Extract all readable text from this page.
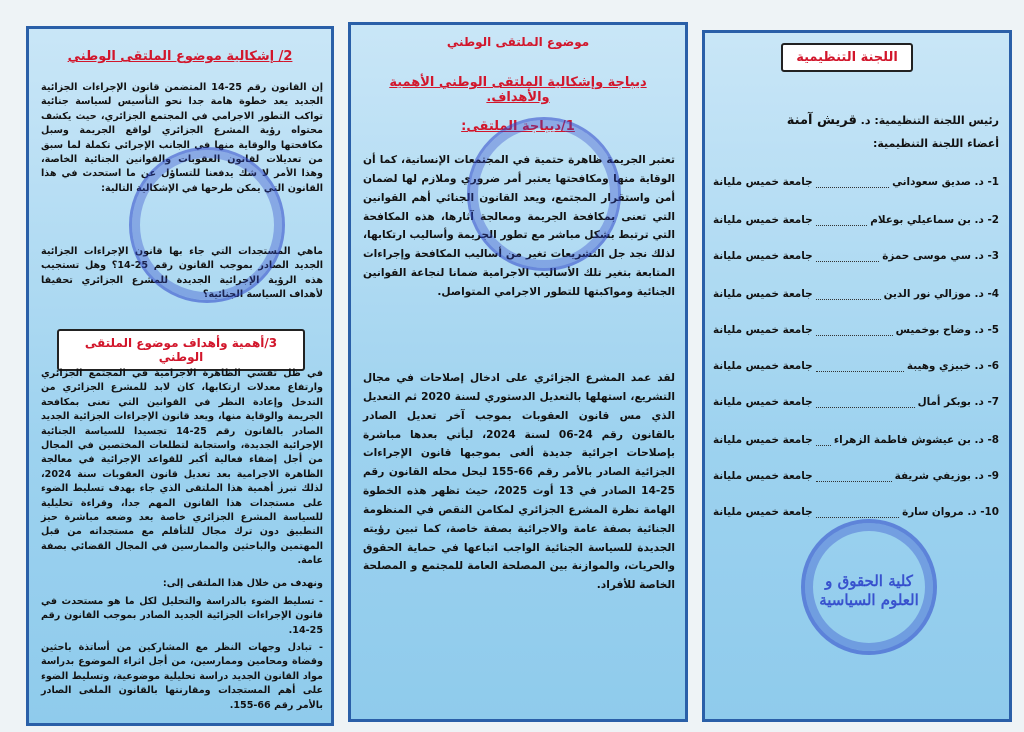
2/ إشكالية موضوع الملتقى الوطني

إن القانون رقم 25-14 المتضمن قانون الإجراءات الجزائية الجديد يعد خطوة هامة جدا نحو التأسيس لسياسة جنائية تواكب التطور الاجرامي في المجتمع الجزائري، حيث يكشف محتواه رؤية المشرع الجزائري لواقع الجريمة وسبل مكافحتها والوقاية منها في الجانب الإجرائي تكملة لما سبق من تعديلات لقانون العقوبات والقوانين الجنائية الخاصة، وهذا الأمر لا شك يدفعنا للتساؤل عن ما استحدث في هذا القانون التي يمكن طرحها في الإشكالية التالية:

ماهي المستجدات التي جاء بها قانون الإجراءات الجزائية الجديد الصادر بموجب القانون رقم 25-14؟ وهل تستجيب هذه الرؤية الإجرائية الجديدة للمشرع الجزائري تحقيقا لأهداف السياسة الجنائية؟

3/أهمية وأهداف موضوع الملتقى الوطني

في ظل تفشي الظاهرة الاجرامية في المجتمع الجزائري وارتفاع معدلات ارتكابها، كان لابد للمشرع الجزائري من التدخل وإعادة النظر في القوانين التي تعنى بمكافحة الجريمة والوقاية منها، ويعد قانون الإجراءات الجزائية الجديد الصادر بالقانون رقم 25-14 تجسيدا للسياسة الجنائية الإجرائية الجديدة، واستجابة لتطلعات المختصين في المجال من أجل إضفاء فعالية أكبر للقواعد الإجرائية في معالجة الظاهرة الاجرامية بعد تعديل قانون العقوبات سنة 2024، لذلك تبرز أهمية هذا الملتقى الذي جاء بهدف تسليط الضوء على مستجدات هذا القانون المهم جدا، وقراءة تحليلية للسياسة المشرع الجزائري خاصة بعد وضعه مباشرة حيز التطبيق دون ترك مجال للتأقلم مع مستجداته من قبل المهتمين والباحثين والممارسين في المجال القضائي بصفة عامة.

ونهدف من خلال هذا الملتقى إلى:

- تسليط الضوء بالدراسة والتحليل لكل ما هو مستحدث في قانون الإجراءات الجزائية الجديد الصادر بموجب القانون رقم 25-14.

- تبادل وجهات النظر مع المشاركين من أساتذة باحثين وقضاة ومحامين وممارسين، من أجل اثراء الموضوع بدراسة مواد القانون الجديد دراسة تحليلية موضوعية، وتسليط الضوء على أهم المستجدات ومقارنتها بالقانون الملغى الصادر بالأمر رقم 66-155.

موضوع الملتقى الوطني

ديباجة وإشكالية الملتقى الوطني الأهمية والأهداف.

1/ديباجة الملتقى:

تعتبر الجريمة ظاهرة حتمية في المجتمعات الإنسانية، كما أن الوقاية منها ومكافحتها يعتبر أمر ضروري وملازم لها لضمان أمن واستقرار المجتمع، ويعد القانون الجنائي أهم القوانين التي تعنى بمكافحة الجريمة ومعالجة آثارها، هذه المكافحة التي ترتبط بشكل مباشر مع تطور الجريمة وأساليب ارتكابها، لذلك نجد جل التشريعات تغير من أساليب المكافحة وإجراءات المتابعة بتغير تلك الأساليب الاجرامية ضمانا لنجاعة القوانين الجنائية ومواكبتها للتطور الاجرامي المتواصل.

لقد عمد المشرع الجزائري على ادخال إصلاحات في مجال التشريع، استهلها بالتعديل الدستوري لسنة 2020 ثم التعديل الذي مس قانون العقوبات بموجب آخر تعديل الصادر بالقانون رقم 24-06 لسنة 2024، ليأتي بعدها مباشرة بإصلاحات اجرائية جديدة ألغى بموجبها قانون الإجراءات الجزائية الصادر بالأمر رقم 66-155 ليحل محله القانون رقم 25-14 الصادر في 13 أوت 2025، حيث تظهر هذه الخطوة الهامة نظرة المشرع الجزائري لمكامن النقص في المنظومة الجنائية بصفة عامة والاجرائية بصفة خاصة، كما تبين رؤيته الجديدة للسياسة الجنائية الواجب اتباعها في حماية الحقوق والحريات، والموازنة بين المصلحة العامة للمجتمع و المصلحة الخاصة للأفراد.

اللجنة التنظيمية
رئيس اللجنة التنظيمية: د. قريش آمنة
أعضاء اللجنة التنظيمية:
1- د. صديق سعوداني
جامعة خميس مليانة
2- د. بن سماعيلي بوعلام
جامعة خميس مليانة
3- د. سي موسى حمزة
جامعة خميس مليانة
4- د. موزالي نور الدين
جامعة خميس مليانة
5- د. وضاح بوخميس
جامعة خميس مليانة
6- د. خبيزي وهيبة
جامعة خميس مليانة
7- د. بوبكر أمال
جامعة خميس مليانة
8- د. بن عيشوش فاطمة الزهراء
جامعة خميس مليانة
9- د. بوزيفي شريفة
جامعة خميس مليانة
10- د. مروان سارة
جامعة خميس مليانة
كلية الحقوق و العلوم السياسية
